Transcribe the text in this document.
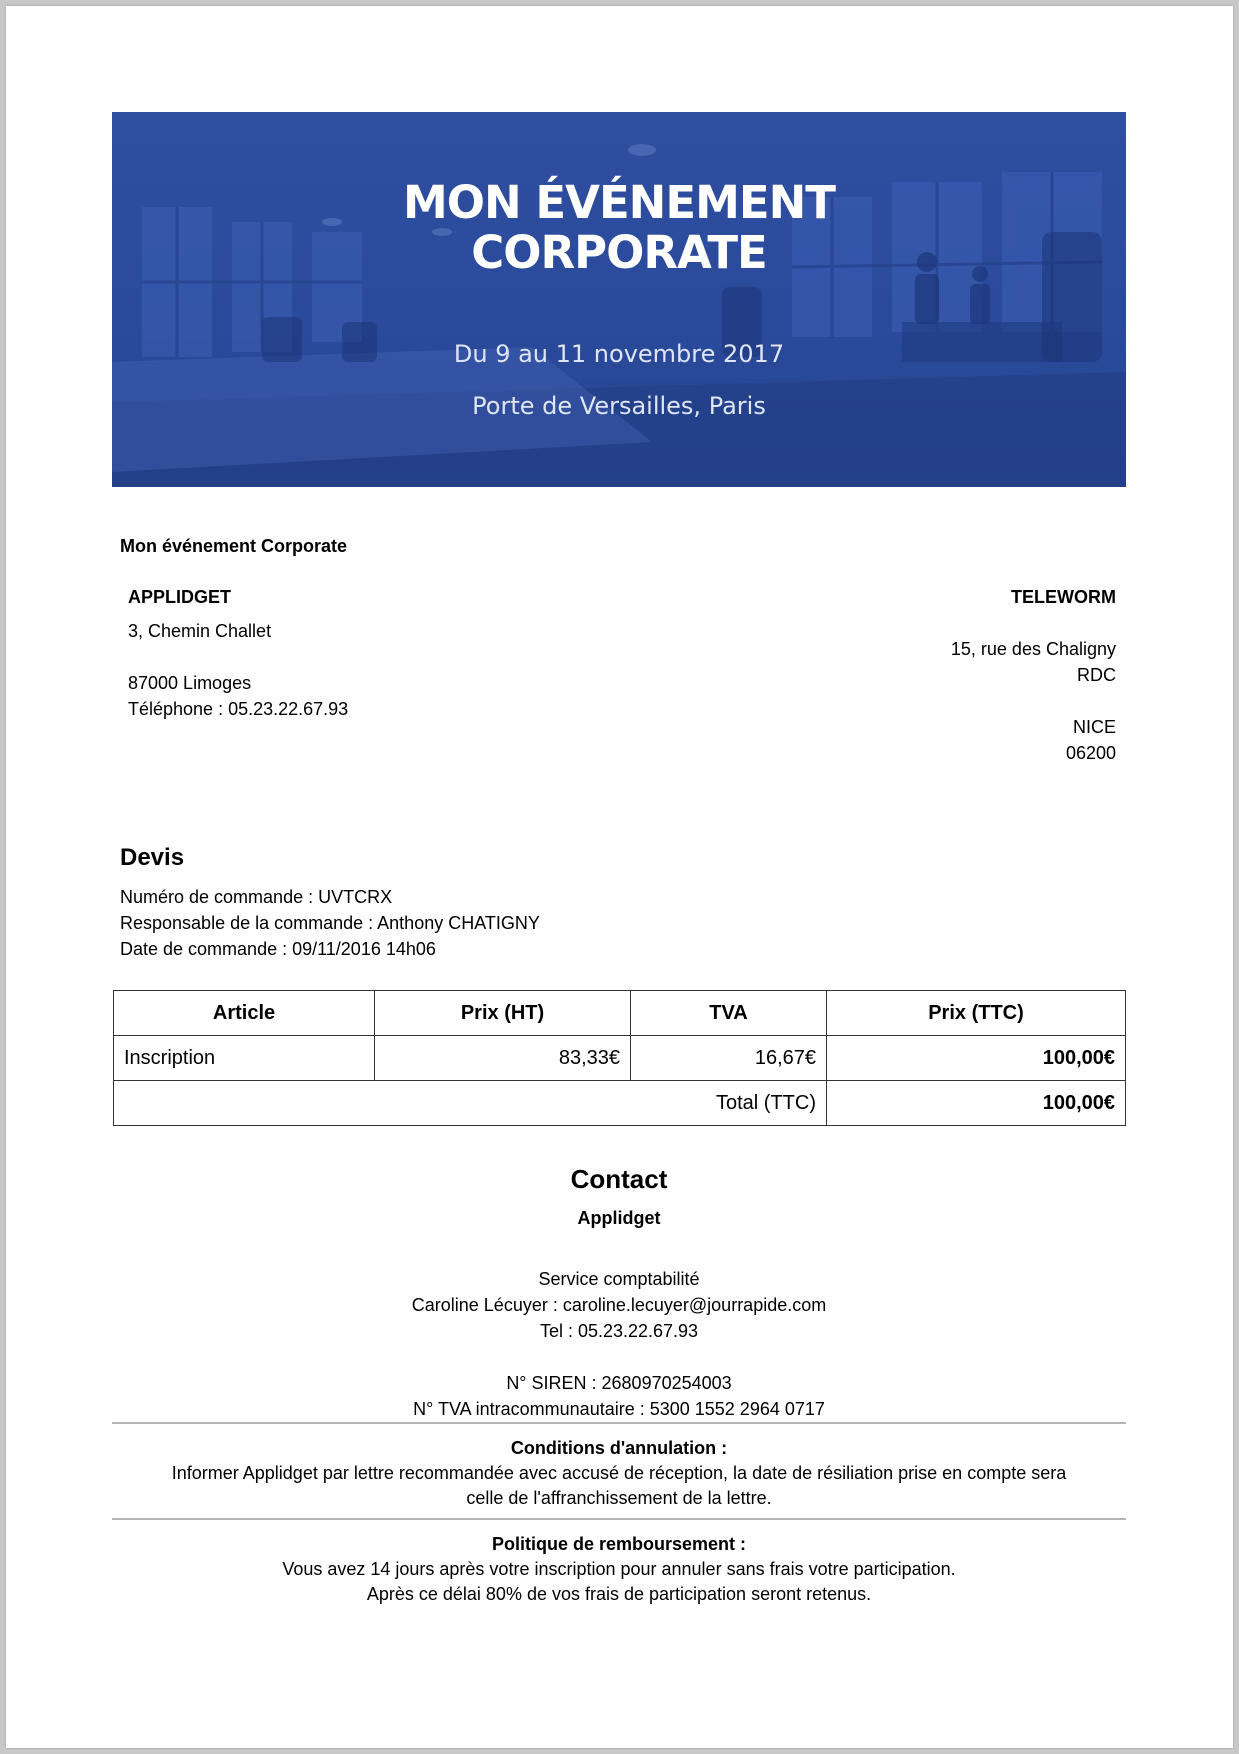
MON ÉVÉNEMENT
CORPORATE
Du 9 au 11 novembre 2017
Porte de Versailles, Paris
Mon événement Corporate
APPLIDGET
3, Chemin Challet
87000 Limoges
Téléphone : 05.23.22.67.93
TELEWORM
15, rue des Chaligny
RDC
NICE
06200
Devis
Numéro de commande : UVTCRX
Responsable de la commande : Anthony CHATIGNY
Date de commande : 09/11/2016 14h06
Article	Prix (HT)	TVA	Prix (TTC)
Inscription	83,33€	16,67€	100,00€
Total (TTC)			100,00€
Contact
Applidget
Service comptabilité
Caroline Lécuyer : caroline.lecuyer@jourrapide.com
Tel : 05.23.22.67.93
N° SIREN : 2680970254003
N° TVA intracommunautaire : 5300 1552 2964 0717
Conditions d'annulation :
Informer Applidget par lettre recommandée avec accusé de réception, la date de résiliation prise en compte sera
celle de l'affranchissement de la lettre.
Politique de remboursement :
Vous avez 14 jours après votre inscription pour annuler sans frais votre participation.
Après ce délai 80% de vos frais de participation seront retenus.
